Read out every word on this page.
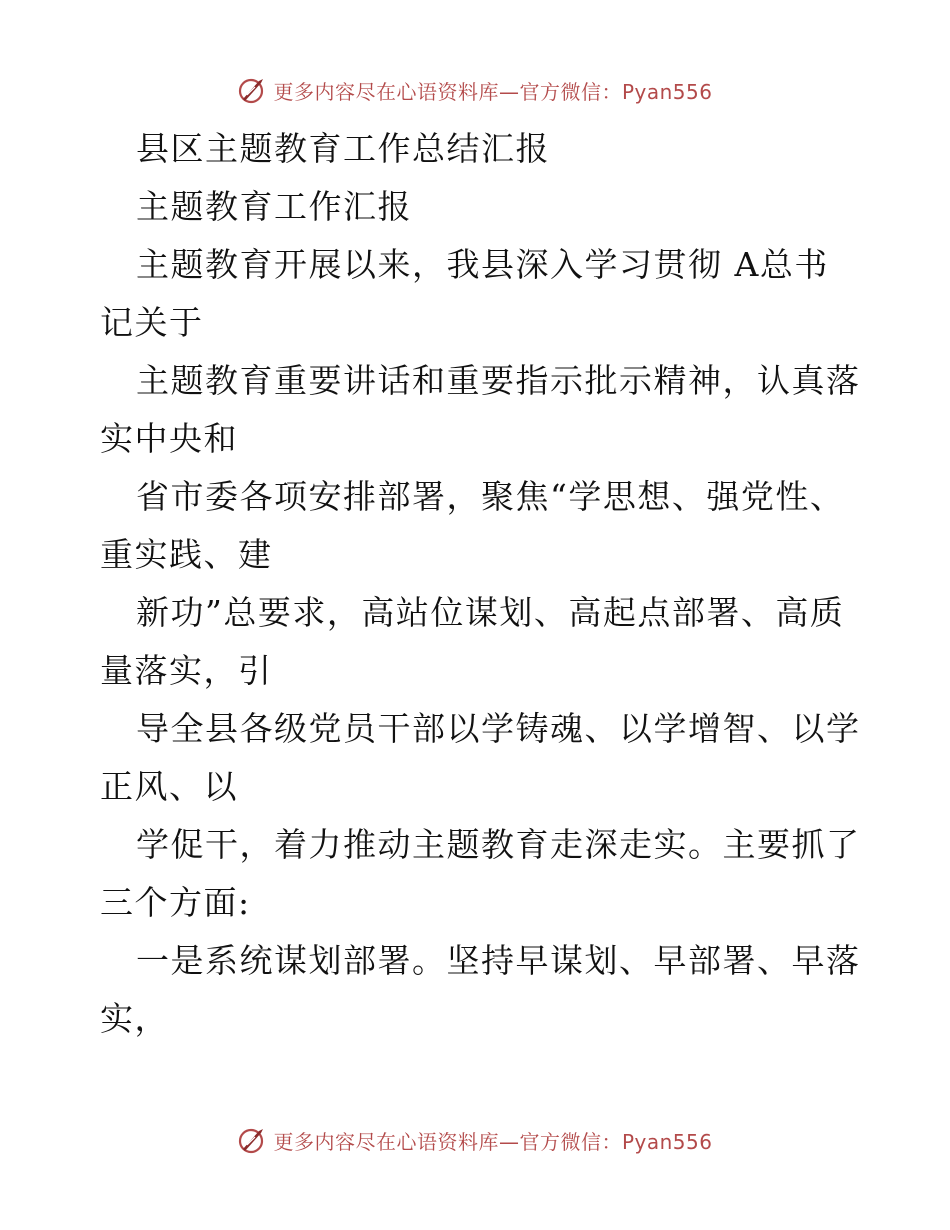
更多内容尽在心语资料库—官方微信：Pyan556
县区主题教育工作总结汇报
主题教育工作汇报
主题教育开展以来，我县深入学习贯彻 A总书
记关于
主题教育重要讲话和重要指示批示精神，认真落
实中央和
省市委各项安排部署，聚焦“学思想、强党性、
重实践、建
新功”总要求，高站位谋划、高起点部署、高质
量落实，引
导全县各级党员干部以学铸魂、以学增智、以学
正风、以
学促干，着力推动主题教育走深走实。主要抓了
三个方面:
一是系统谋划部署。坚持早谋划、早部署、早落
实，
更多内容尽在心语资料库—官方微信：Pyan556
